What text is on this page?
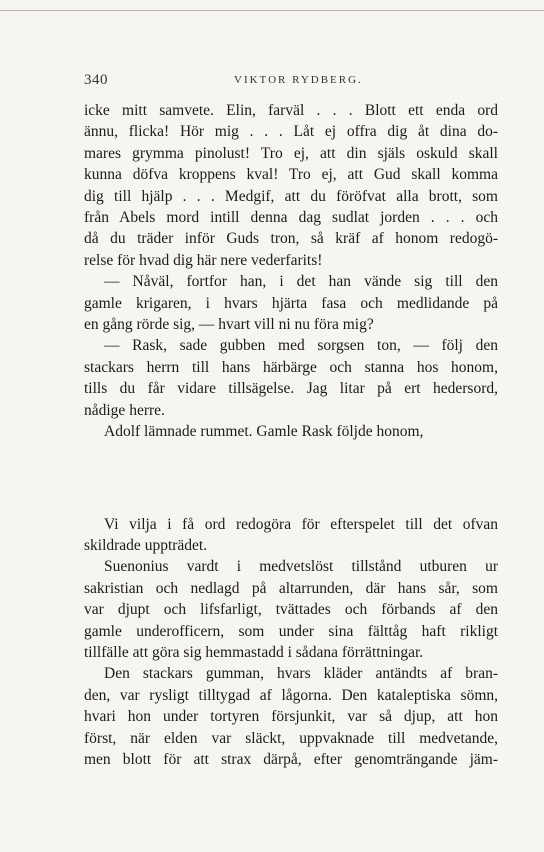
340	VIKTOR RYDBERG.
icke mitt samvete. Elin, farväl . . . Blott ett enda ord
ännu, flicka! Hör mig . . . Låt ej offra dig åt dina do-
mares grymma pinolust! Tro ej, att din själs oskuld skall
kunna döfva kroppens kval! Tro ej, att Gud skall komma
dig till hjälp . . . Medgif, att du föröfvat alla brott, som
från Abels mord intill denna dag sudlat jorden . . . och
då du träder inför Guds tron, så kräf af honom redogö-
relse för hvad dig här nere vederfarits!
— Nåväl, fortfor han, i det han vände sig till den
gamle krigaren, i hvars hjärta fasa och medlidande på
en gång rörde sig, — hvart vill ni nu föra mig?
— Rask, sade gubben med sorgsen ton, — följ den
stackars herrn till hans härbärge och stanna hos honom,
tills du får vidare tillsägelse. Jag litar på ert hedersord,
nådige herre.
Adolf lämnade rummet. Gamle Rask följde honom,
Vi vilja i få ord redogöra för efterspelet till det ofvan
skildrade uppträdet.
Suenonius vardt i medvetslöst tillstånd utburen ur
sakristian och nedlagd på altarrunden, där hans sår, som
var djupt och lifsfarligt, tvättades och förbands af den
gamle underofficern, som under sina fälttåg haft rikligt
tillfälle att göra sig hemmastadd i sådana förrättningar.
Den stackars gumman, hvars kläder antändts af bran-
den, var rysligt tilltygad af lågorna. Den kataleptiska sömn,
hvari hon under tortyren försjunkit, var så djup, att hon
först, när elden var släckt, uppvaknade till medvetande,
men blott för att strax därpå, efter genomträngande jäm-
